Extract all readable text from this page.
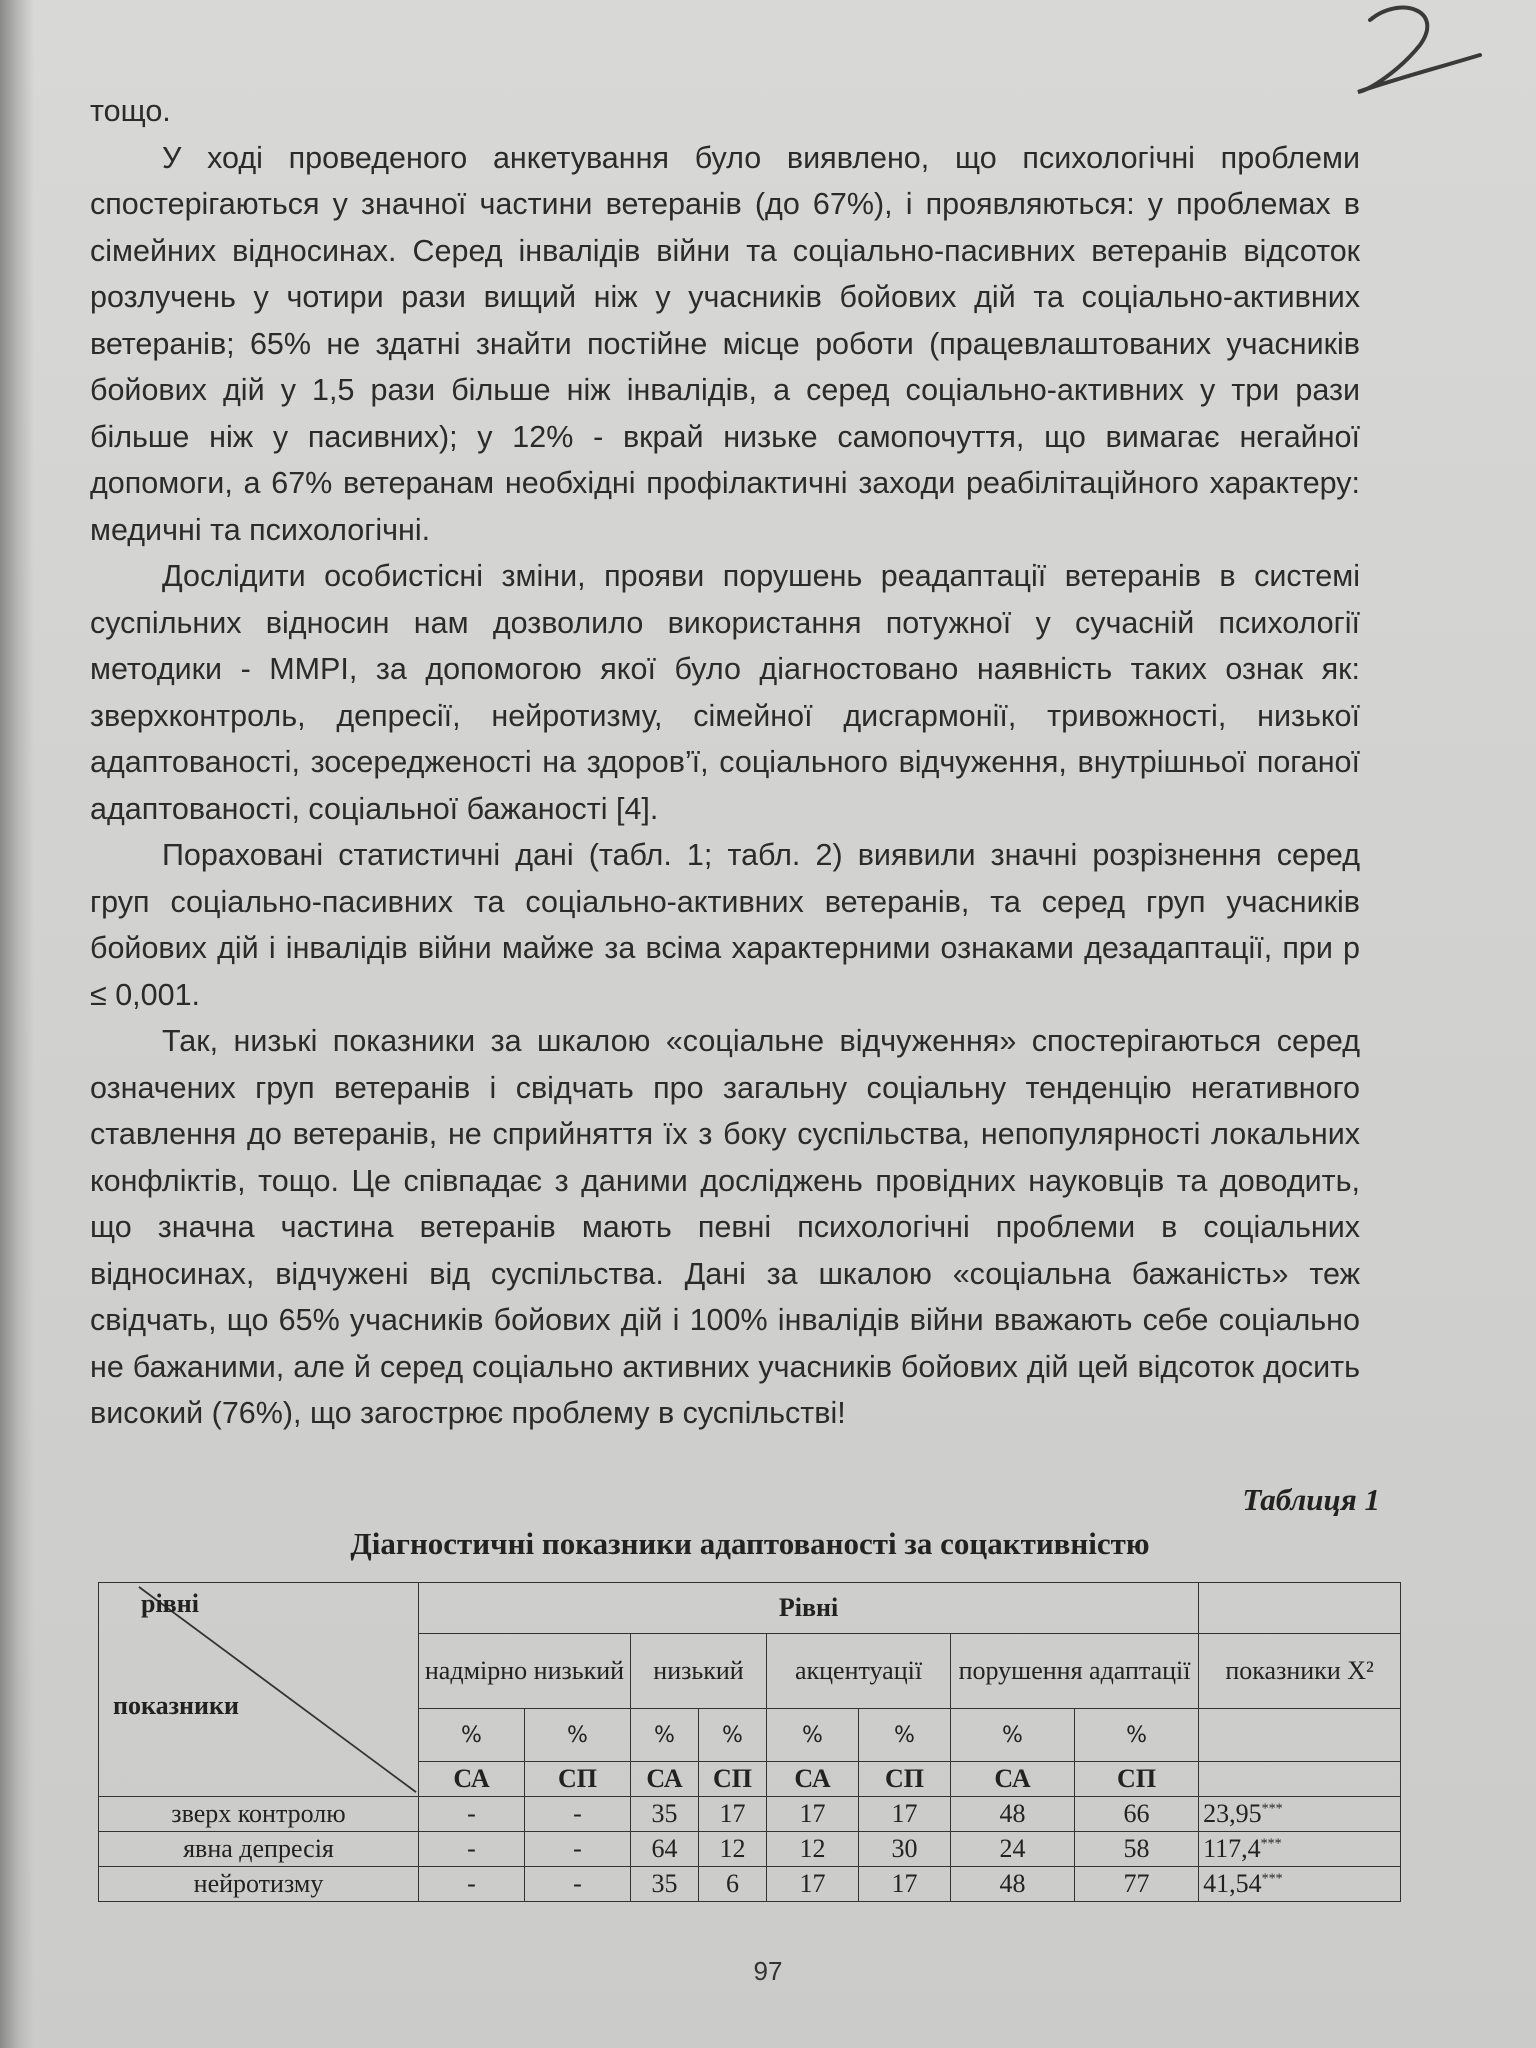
тощо.

У ході проведеного анкетування було виявлено, що психологічні проблеми спостерігаються у значної частини ветеранів (до 67%), і проявляються: у проблемах в сімейних відносинах. Серед інвалідів війни та соціально-пасивних ветеранів відсоток розлучень у чотири рази вищий ніж у учасників бойових дій та соціально-активних ветеранів; 65% не здатні знайти постійне місце роботи (працевлаштованих учасників бойових дій у 1,5 рази більше ніж інвалідів, а серед соціально-активних у три рази більше ніж у пасивних); у 12% - вкрай низьке самопочуття, що вимагає негайної допомоги, а 67% ветеранам необхідні профілактичні заходи реабілітаційного характеру: медичні та психологічні.

Дослідити особистісні зміни, прояви порушень реадаптації ветеранів в системі суспільних відносин нам дозволило використання потужної у сучасній психології методики - MMPI, за допомогою якої було діагностовано наявність таких ознак як: зверхконтроль, депресії, нейротизму, сімейної дисгармонії, тривожності, низької адаптованості, зосередженості на здоров’ї, соціального відчуження, внутрішньої поганої адаптованості, соціальної бажаності [4].

Пораховані статистичні дані (табл. 1; табл. 2) виявили значні розрізнення серед груп соціально-пасивних та соціально-активних ветеранів, та серед груп учасників бойових дій і інвалідів війни майже за всіма характерними ознаками дезадаптації, при p ≤ 0,001.

Так, низькі показники за шкалою «соціальне відчуження» спостерігаються серед означених груп ветеранів і свідчать про загальну соціальну тенденцію негативного ставлення до ветеранів, не сприйняття їх з боку суспільства, непопулярності локальних конфліктів, тощо. Це співпадає з даними досліджень провідних науковців та доводить, що значна частина ветеранів мають певні психологічні проблеми в соціальних відносинах, відчужені від суспільства. Дані за шкалою «соціальна бажаність» теж свідчать, що 65% учасників бойових дій і 100% інвалідів війни вважають себе соціально не бажаними, але й серед соціально активних учасників бойових дій цей відсоток досить високий (76%), що загострює проблему в суспільстві!

Таблиця 1
Діагностичні показники адаптованості за соцактивністю
рівні
показники	Рівні								
	надмірно низький		низький		акцентуації		порушення адаптації		показники Х²
	%	%	%	%	%	%	%	%	
	СА	СП	СА	СП	СА	СП	СА	СП	
зверх контролю	-	-	35	17	17	17	48	66	23,95***
явна депресія	-	-	64	12	12	30	24	58	117,4***
нейротизму	-	-	35	6	17	17	48	77	41,54***
97
